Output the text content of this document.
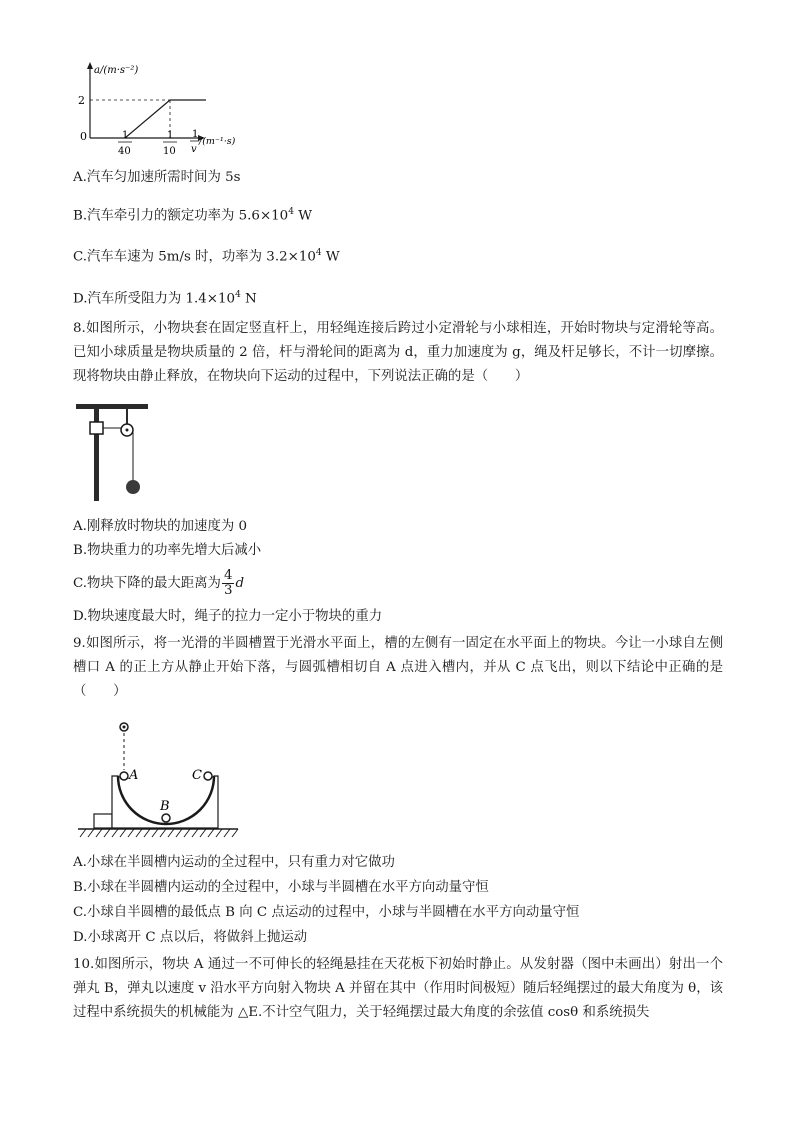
a/(m·s⁻²)
2
0	1
40
1
10
1
v
/(m⁻¹·s)
A.汽车匀加速所需时间为 5s
B.汽车牵引力的额定功率为 $5.6\times 10^4$ W
C.汽车车速为 5m/s 时，功率为 $3.2\times 10^4$ W
D.汽车所受阻力为 $1.4\times 10^4$ N
8.如图所示，小物块套在固定竖直杆上，用轻绳连接后跨过小定滑轮与小球相连，开始时物块与定滑轮等高。已知小球质量是物块质量的 2 倍，杆与滑轮间的距离为 d，重力加速度为 g，绳及杆足够长，不计一切摩擦。现将物块由静止释放，在物块向下运动的过程中，下列说法正确的是（　　）
A.刚释放时物块的加速度为 0
B.物块重力的功率先增大后减小
C.物块下降的最大距离为 $\frac{4}{3}$ d
D.物块速度最大时，绳子的拉力一定小于物块的重力
9.如图所示，将一光滑的半圆槽置于光滑水平面上，槽的左侧有一固定在水平面上的物块。今让一小球自左侧槽口 A 的正上方从静止开始下落，与圆弧槽相切自 A 点进入槽内，并从 C 点飞出，则以下结论中正确的是（　　）
A
B
C
A.小球在半圆槽内运动的全过程中，只有重力对它做功
B.小球在半圆槽内运动的全过程中，小球与半圆槽在水平方向动量守恒
C.小球自半圆槽的最低点 B 向 C 点运动的过程中，小球与半圆槽在水平方向动量守恒
D.小球离开 C 点以后，将做斜上抛运动
10.如图所示，物块 A 通过一不可伸长的轻绳悬挂在天花板下初始时静止。从发射器（图中未画出）射出一个弹丸 B，弹丸以速度 v 沿水平方向射入物块 A 并留在其中（作用时间极短）随后轻绳摆过的最大角度为 θ，该过程中系统损失的机械能为 △E.不计空气阻力，关于轻绳摆过最大角度的余弦值 cosθ 和系统损失
